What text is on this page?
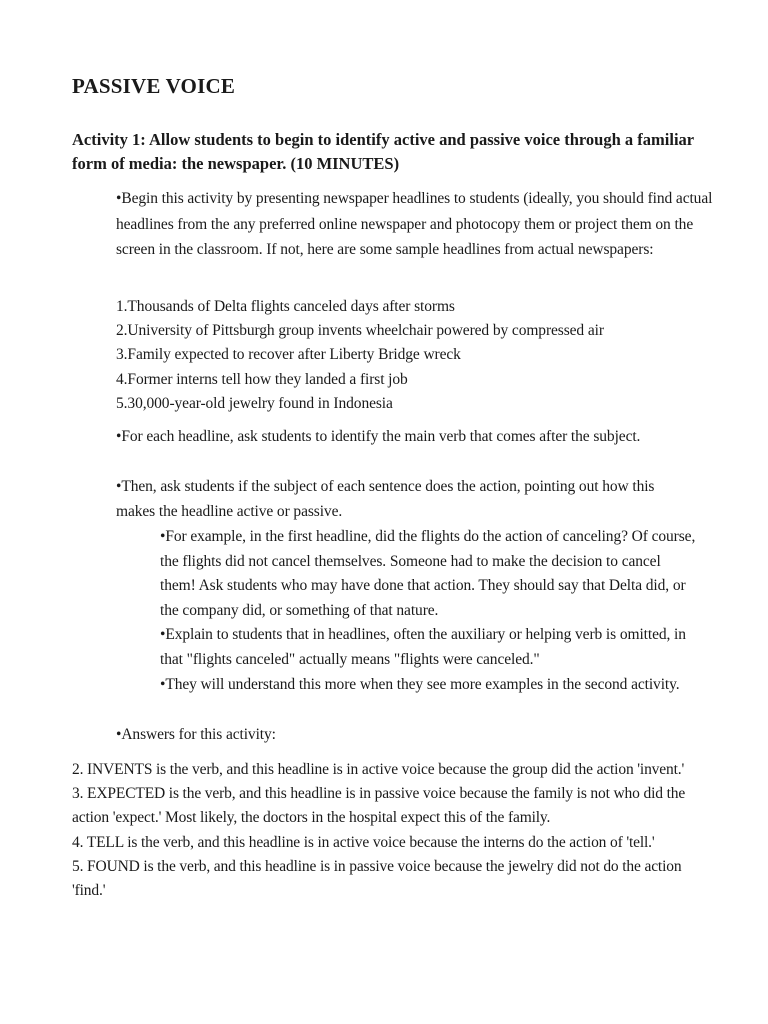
PASSIVE VOICE
Activity 1: Allow students to begin to identify active and passive voice through a familiar form of media: the newspaper. (10 MINUTES)
•Begin this activity by presenting newspaper headlines to students (ideally, you should find actual headlines from the any preferred online newspaper and photocopy them or project them on the screen in the classroom. If not, here are some sample headlines from actual newspapers:
1.Thousands of Delta flights canceled days after storms
2.University of Pittsburgh group invents wheelchair powered by compressed air
3.Family expected to recover after Liberty Bridge wreck
4.Former interns tell how they landed a first job
5.30,000-year-old jewelry found in Indonesia
•For each headline, ask students to identify the main verb that comes after the subject.
•Then, ask students if the subject of each sentence does the action, pointing out how this makes the headline active or passive.
•For example, in the first headline, did the flights do the action of canceling? Of course, the flights did not cancel themselves. Someone had to make the decision to cancel them! Ask students who may have done that action. They should say that Delta did, or the company did, or something of that nature.
•Explain to students that in headlines, often the auxiliary or helping verb is omitted, in that "flights canceled" actually means "flights were canceled."
•They will understand this more when they see more examples in the second activity.
•Answers for this activity:

2. INVENTS is the verb, and this headline is in active voice because the group did the action 'invent.'

3. EXPECTED is the verb, and this headline is in passive voice because the family is not who did the action 'expect.' Most likely, the doctors in the hospital expect this of the family.

4. TELL is the verb, and this headline is in active voice because the interns do the action of 'tell.'

5. FOUND is the verb, and this headline is in passive voice because the jewelry did not do the action 'find.'
